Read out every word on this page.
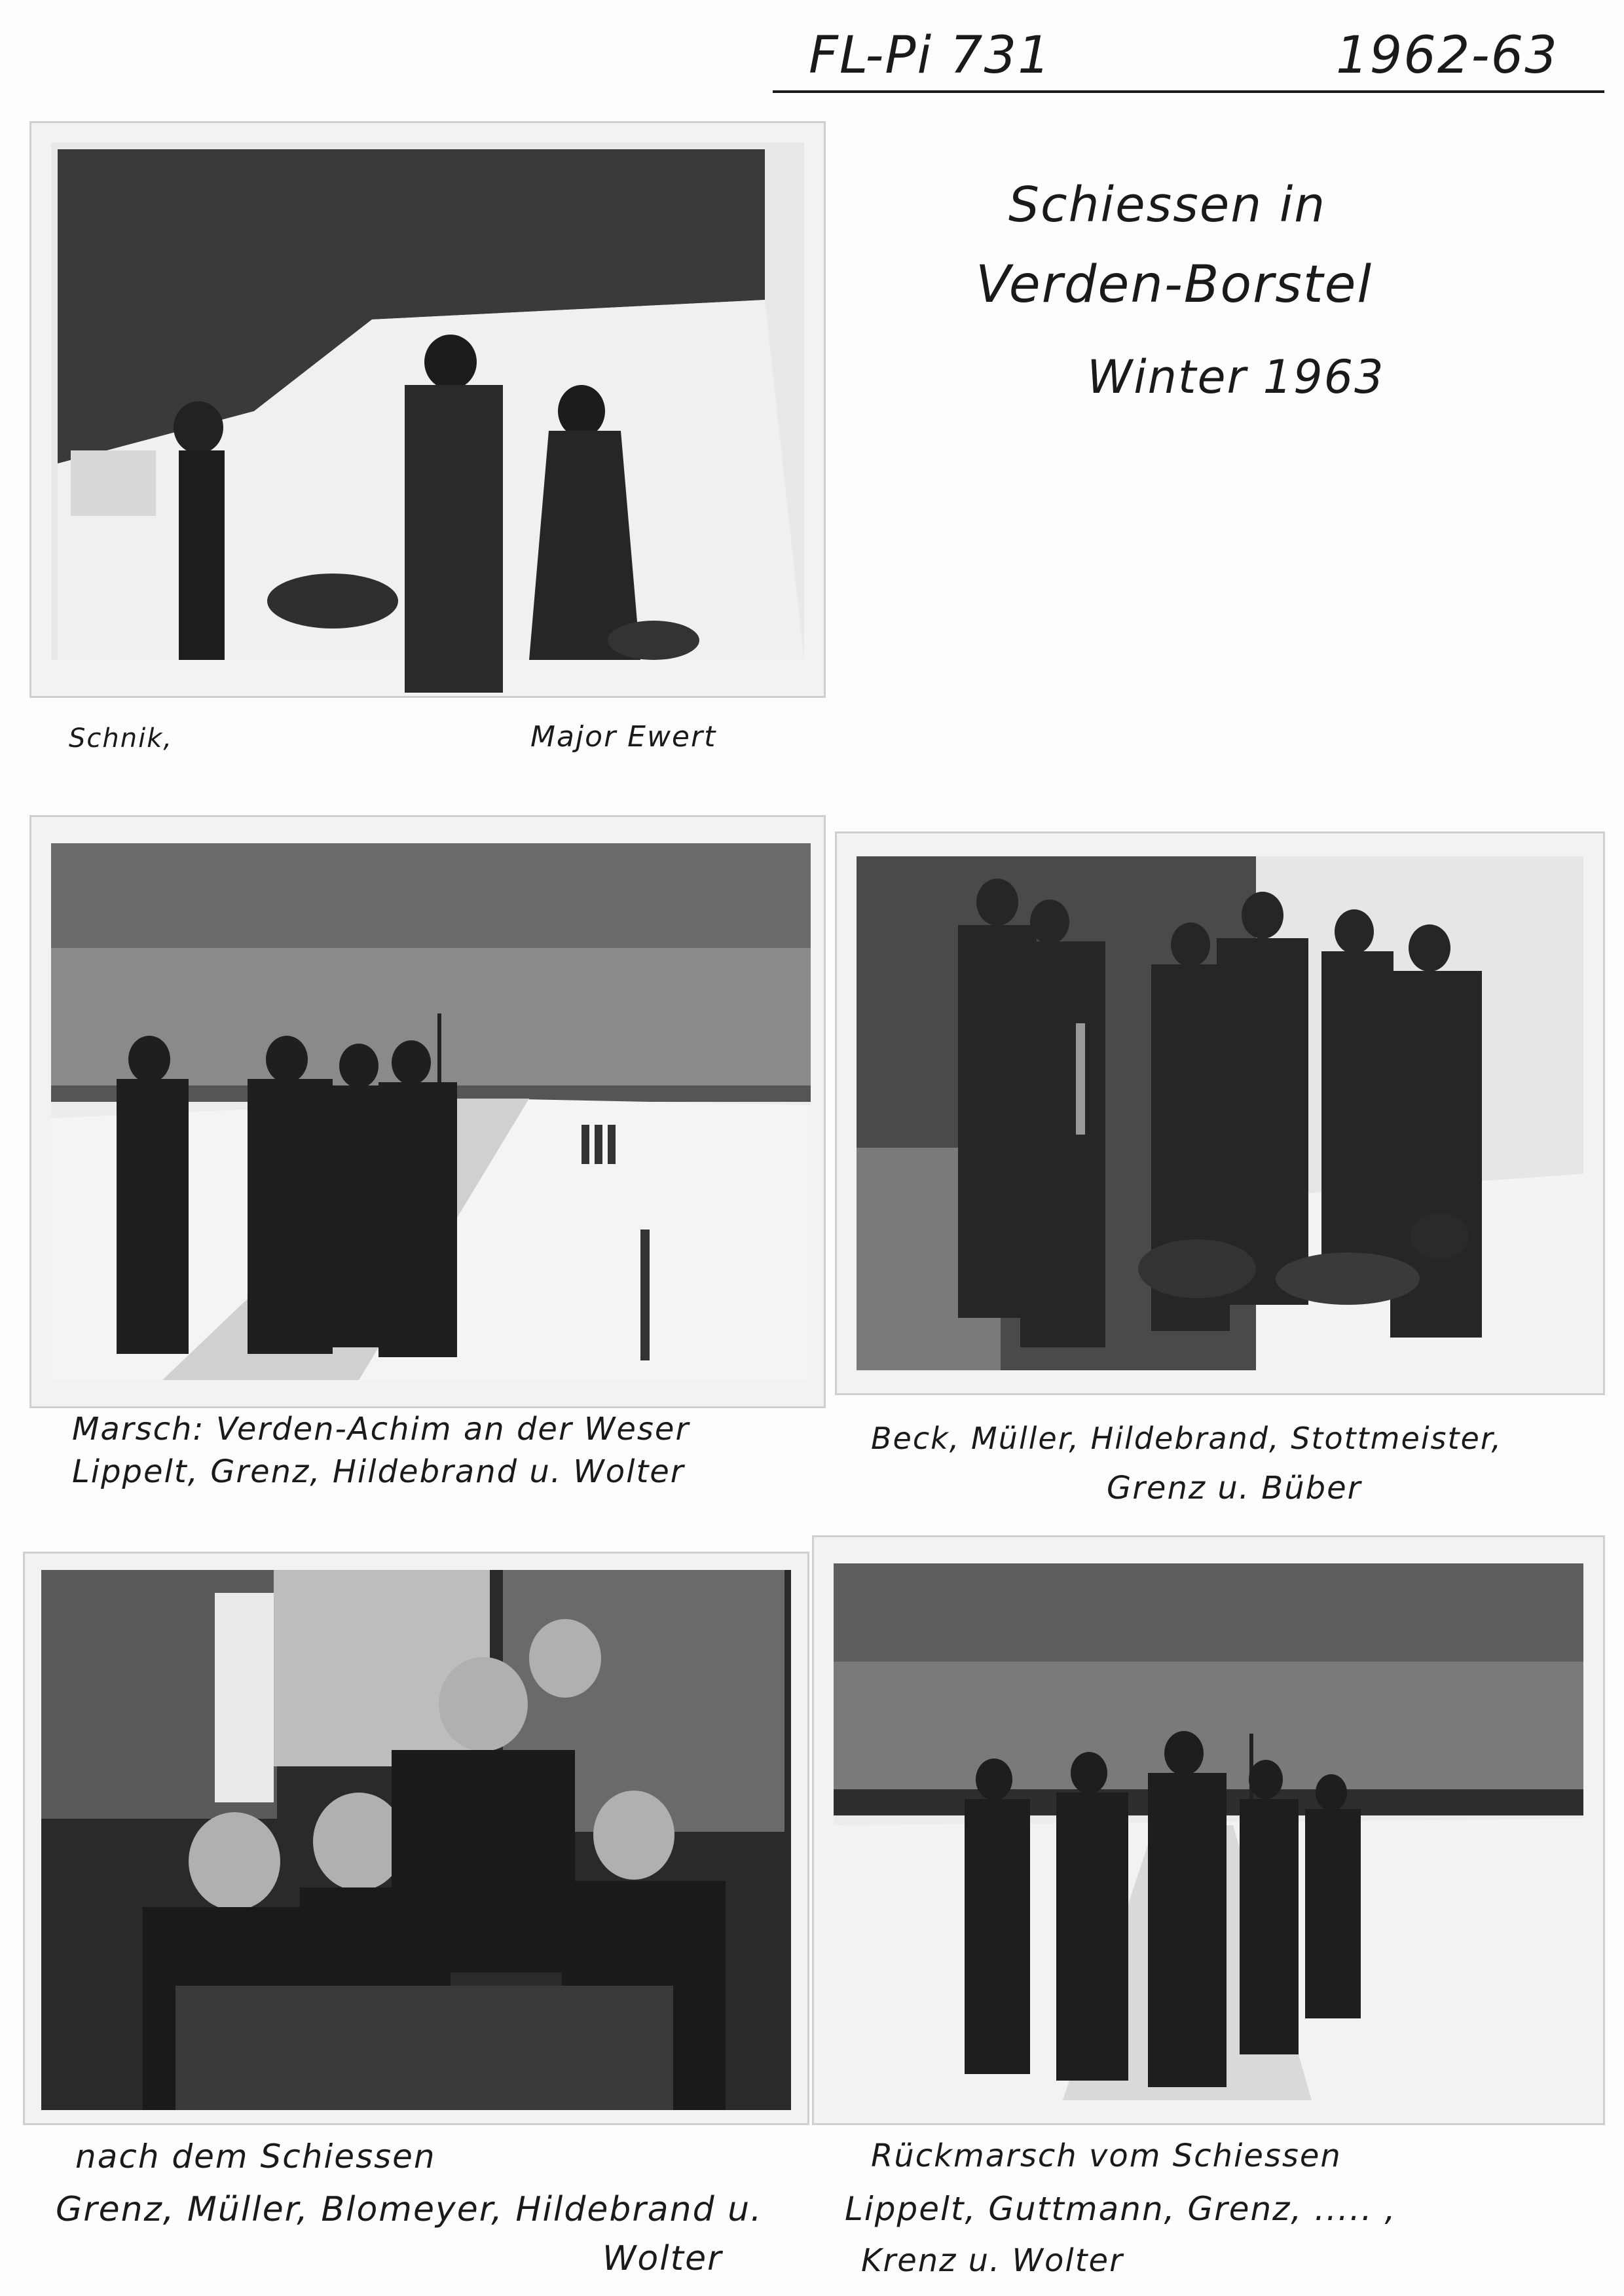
FL-Pi 731	1962-63
Schiessen in
Verden-Borstel
Winter 1963
Schnik,	Major Ewert
Marsch: Verden-Achim an der Weser
Lippelt, Grenz, Hildebrand u. Wolter
Beck, Müller, Hildebrand, Stottmeister,
Grenz u. Büber
nach dem Schiessen
Grenz, Müller, Blomeyer, Hildebrand u.
Wolter
Rückmarsch vom Schiessen
Lippelt, Guttmann, Grenz, ..... ,
Krenz u. Wolter
